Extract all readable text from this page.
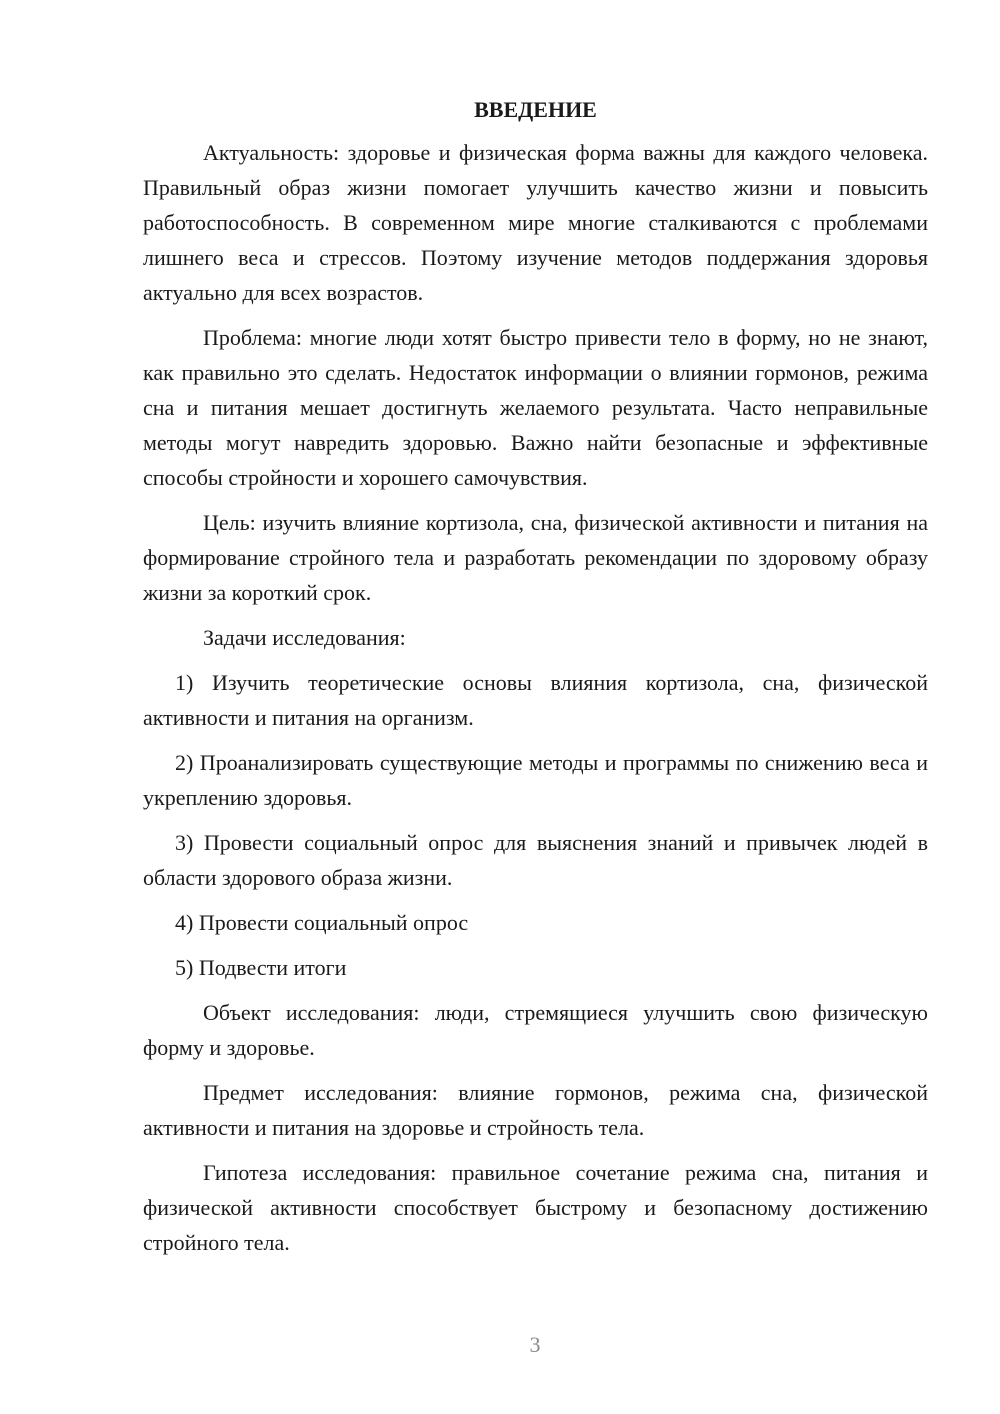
ВВЕДЕНИЕ

Актуальность: здоровье и физическая форма важны для каждого человека. Правильный образ жизни помогает улучшить качество жизни и повысить работоспособность. В современном мире многие сталкиваются с проблемами лишнего веса и стрессов. Поэтому изучение методов поддержания здоровья актуально для всех возрастов.

Проблема: многие люди хотят быстро привести тело в форму, но не знают, как правильно это сделать. Недостаток информации о влиянии гормонов, режима сна и питания мешает достигнуть желаемого результата. Часто неправильные методы могут навредить здоровью. Важно найти безопасные и эффективные способы стройности и хорошего самочувствия.

Цель: изучить влияние кортизола, сна, физической активности и питания на формирование стройного тела и разработать рекомендации по здоровому образу жизни за короткий срок.

Задачи исследования:

1) Изучить теоретические основы влияния кортизола, сна, физической активности и питания на организм.

2) Проанализировать существующие методы и программы по снижению веса и укреплению здоровья.

3) Провести социальный опрос для выяснения знаний и привычек людей в области здорового образа жизни.

4) Провести социальный опрос

5) Подвести итоги

Объект исследования: люди, стремящиеся улучшить свою физическую форму и здоровье.

Предмет исследования: влияние гормонов, режима сна, физической активности и питания на здоровье и стройность тела.

Гипотеза исследования: правильное сочетание режима сна, питания и физической активности способствует быстрому и безопасному достижению стройного тела.

3
